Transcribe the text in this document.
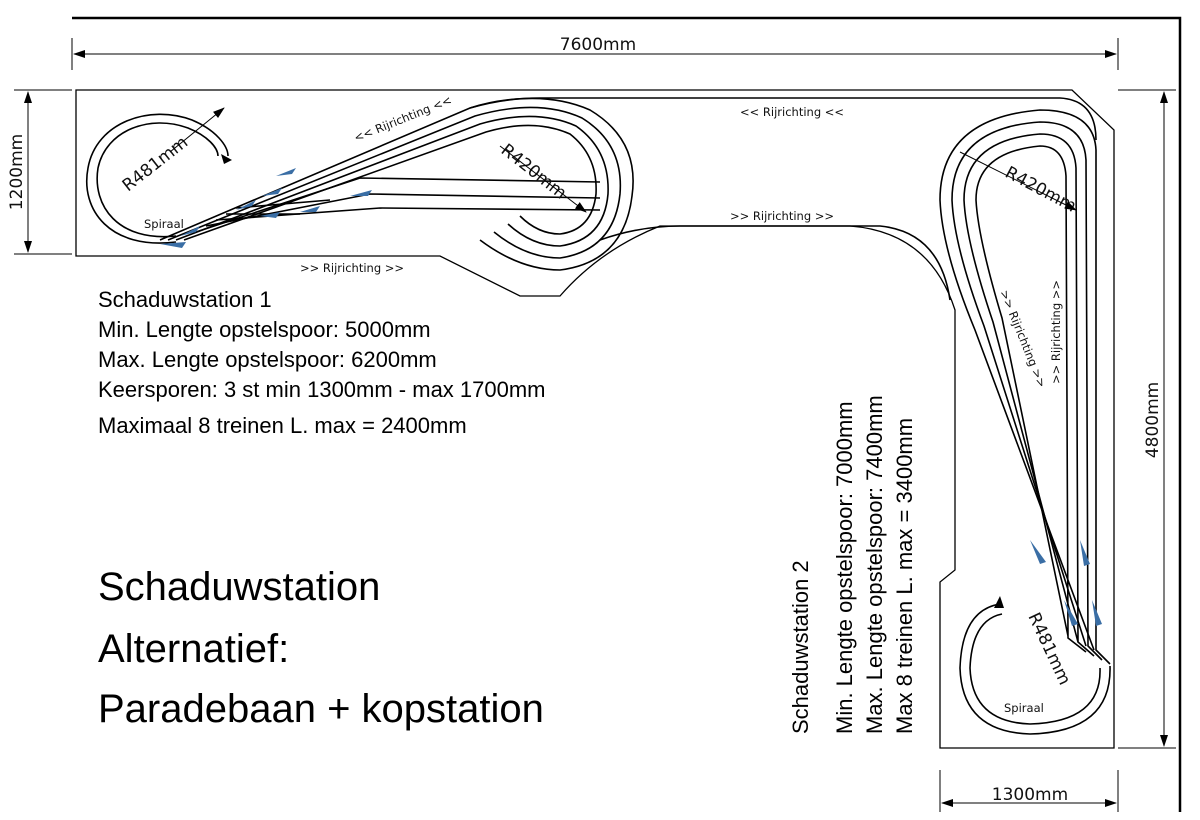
7600mm
1200mm
4800mm
1300mm
Spiraal
R481mm	R420mm	R420mm
Spiraal
R481mm
<< Rijrichting <<	<< Rijrichting <<
>> Rijrichting >>
>> Rijrichting >>
>> Rijrichting >> >> Rijrichting >>
Schaduwstation 1
Min. Lengte opstelspoor: 5000mm
Max. Lengte opstelspoor: 6200mm
Keersporen: 3 st min 1300mm - max 1700mm
Maximaal 8 treinen L. max = 2400mm
Schaduwstation
Alternatief:
Paradebaan + kopstation	Schaduwstation 2 Min. Lengte opstelspoor: 7000mm Max. Lengte opstelspoor: 7400mm Max 8 treinen L. max = 3400mm
